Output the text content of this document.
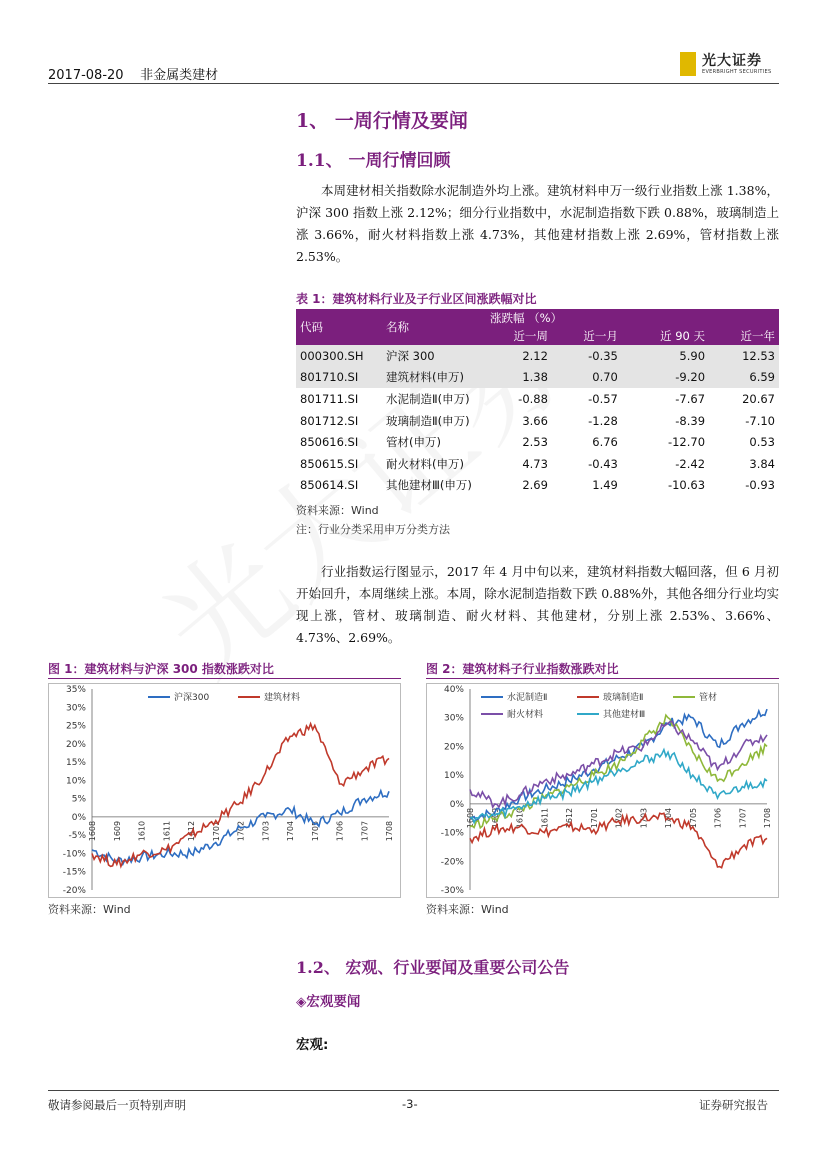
2017-08-20    非金属类建材
光大证券
EVERBRIGHT SECURITIES
1、 一周行情及要闻
1.1、 一周行情回顾

本周建材相关指数除水泥制造外均上涨。建筑材料申万一级行业指数上涨 1.38%，沪深 300 指数上涨 2.12%；细分行业指数中，水泥制造指数下跌 0.88%，玻璃制造上涨 3.66%，耐火材料指数上涨 4.73%，其他建材指数上涨 2.69%，管材指数上涨 2.53%。

表 1：建筑材料行业及子行业区间涨跌幅对比
代码	名称	涨跌幅 （%）			
		近一周	近一月	近 90 天	近一年
000300.SH	沪深 300	2.12	-0.35	5.90	12.53
801710.SI	建筑材料(申万)	1.38	0.70	-9.20	6.59
801711.SI	水泥制造Ⅱ(申万)	-0.88	-0.57	-7.67	20.67
801712.SI	玻璃制造Ⅱ(申万)	3.66	-1.28	-8.39	-7.10
850616.SI	管材(申万)	2.53	6.76	-12.70	0.53
850615.SI	耐火材料(申万)	4.73	-0.43	-2.42	3.84
850614.SI	其他建材Ⅲ(申万)	2.69	1.49	-10.63	-0.93
资料来源：Wind
注：行业分类采用申万分类方法

行业指数运行图显示，2017 年 4 月中旬以来，建筑材料指数大幅回落，但 6 月初开始回升，本周继续上涨。本周，除水泥制造指数下跌 0.88%外，其他各细分行业均实现上涨，管材、玻璃制造、耐火材料、其他建材，分别上涨 2.53%、3.66%、4.73%、2.69%。

图 1：建筑材料与沪深 300 指数涨跌对比	图 2：建筑材料子行业指数涨跌对比
35%
30%
25%
20%
15%
10%
5%
0%
-5%
-10%
-15%
-20%
1608 1609 1610 1611 1612 1701 1702 1703 1704 1705 1706 1707 1708
沪深300	建筑材料
40%
30%
20%
10%
0%
-10%
-20%
-30%
1608 1609 1610 1611 1612 1701 1702 1703 1704 1705 1706 1707 1708
水泥制造Ⅱ	玻璃制造Ⅱ	管材
耐火材料	其他建材Ⅲ
资料来源：Wind	资料来源：Wind
1.2、 宏观、行业要闻及重要公司公告
◈宏观要闻
宏观:
敬请参阅最后一页特别声明	-3-	证券研究报告
